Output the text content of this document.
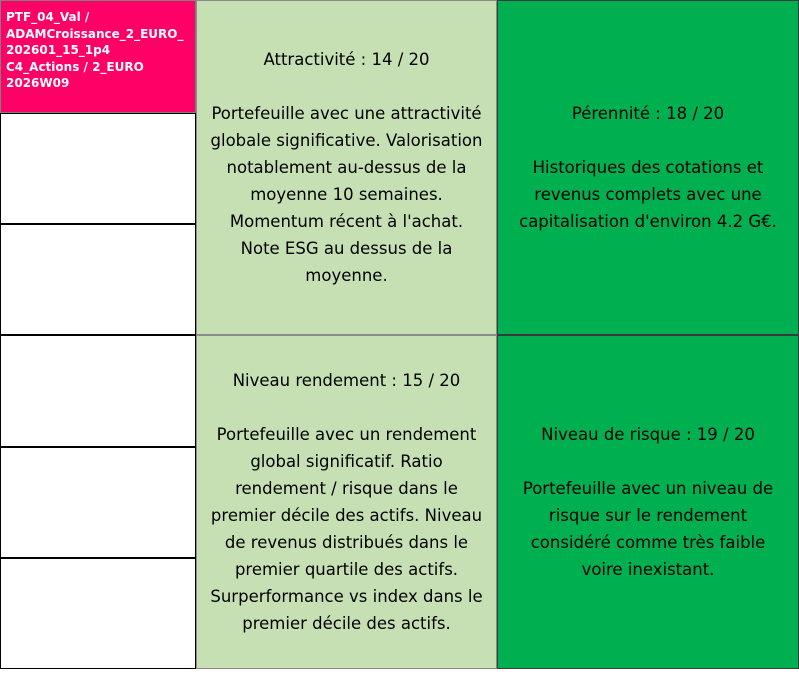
PTF_04_Val /
ADAMCroissance_2_EURO_
202601_15_1p4
C4_Actions / 2_EURO
2026W09
Attractivité : 14 / 20
Portefeuille avec une attractivité
globale significative. Valorisation
notablement au-dessus de la
moyenne 10 semaines.
Momentum récent à l'achat.
Note ESG au dessus de la
moyenne.
Pérennité : 18 / 20
Historiques des cotations et
revenus complets avec une
capitalisation d'environ 4.2 G€.
Niveau rendement : 15 / 20
Portefeuille avec un rendement
global significatif. Ratio
rendement / risque dans le
premier décile des actifs. Niveau
de revenus distribués dans le
premier quartile des actifs.
Surperformance vs index dans le
premier décile des actifs.
Niveau de risque : 19 / 20
Portefeuille avec un niveau de
risque sur le rendement
considéré comme très faible
voire inexistant.
